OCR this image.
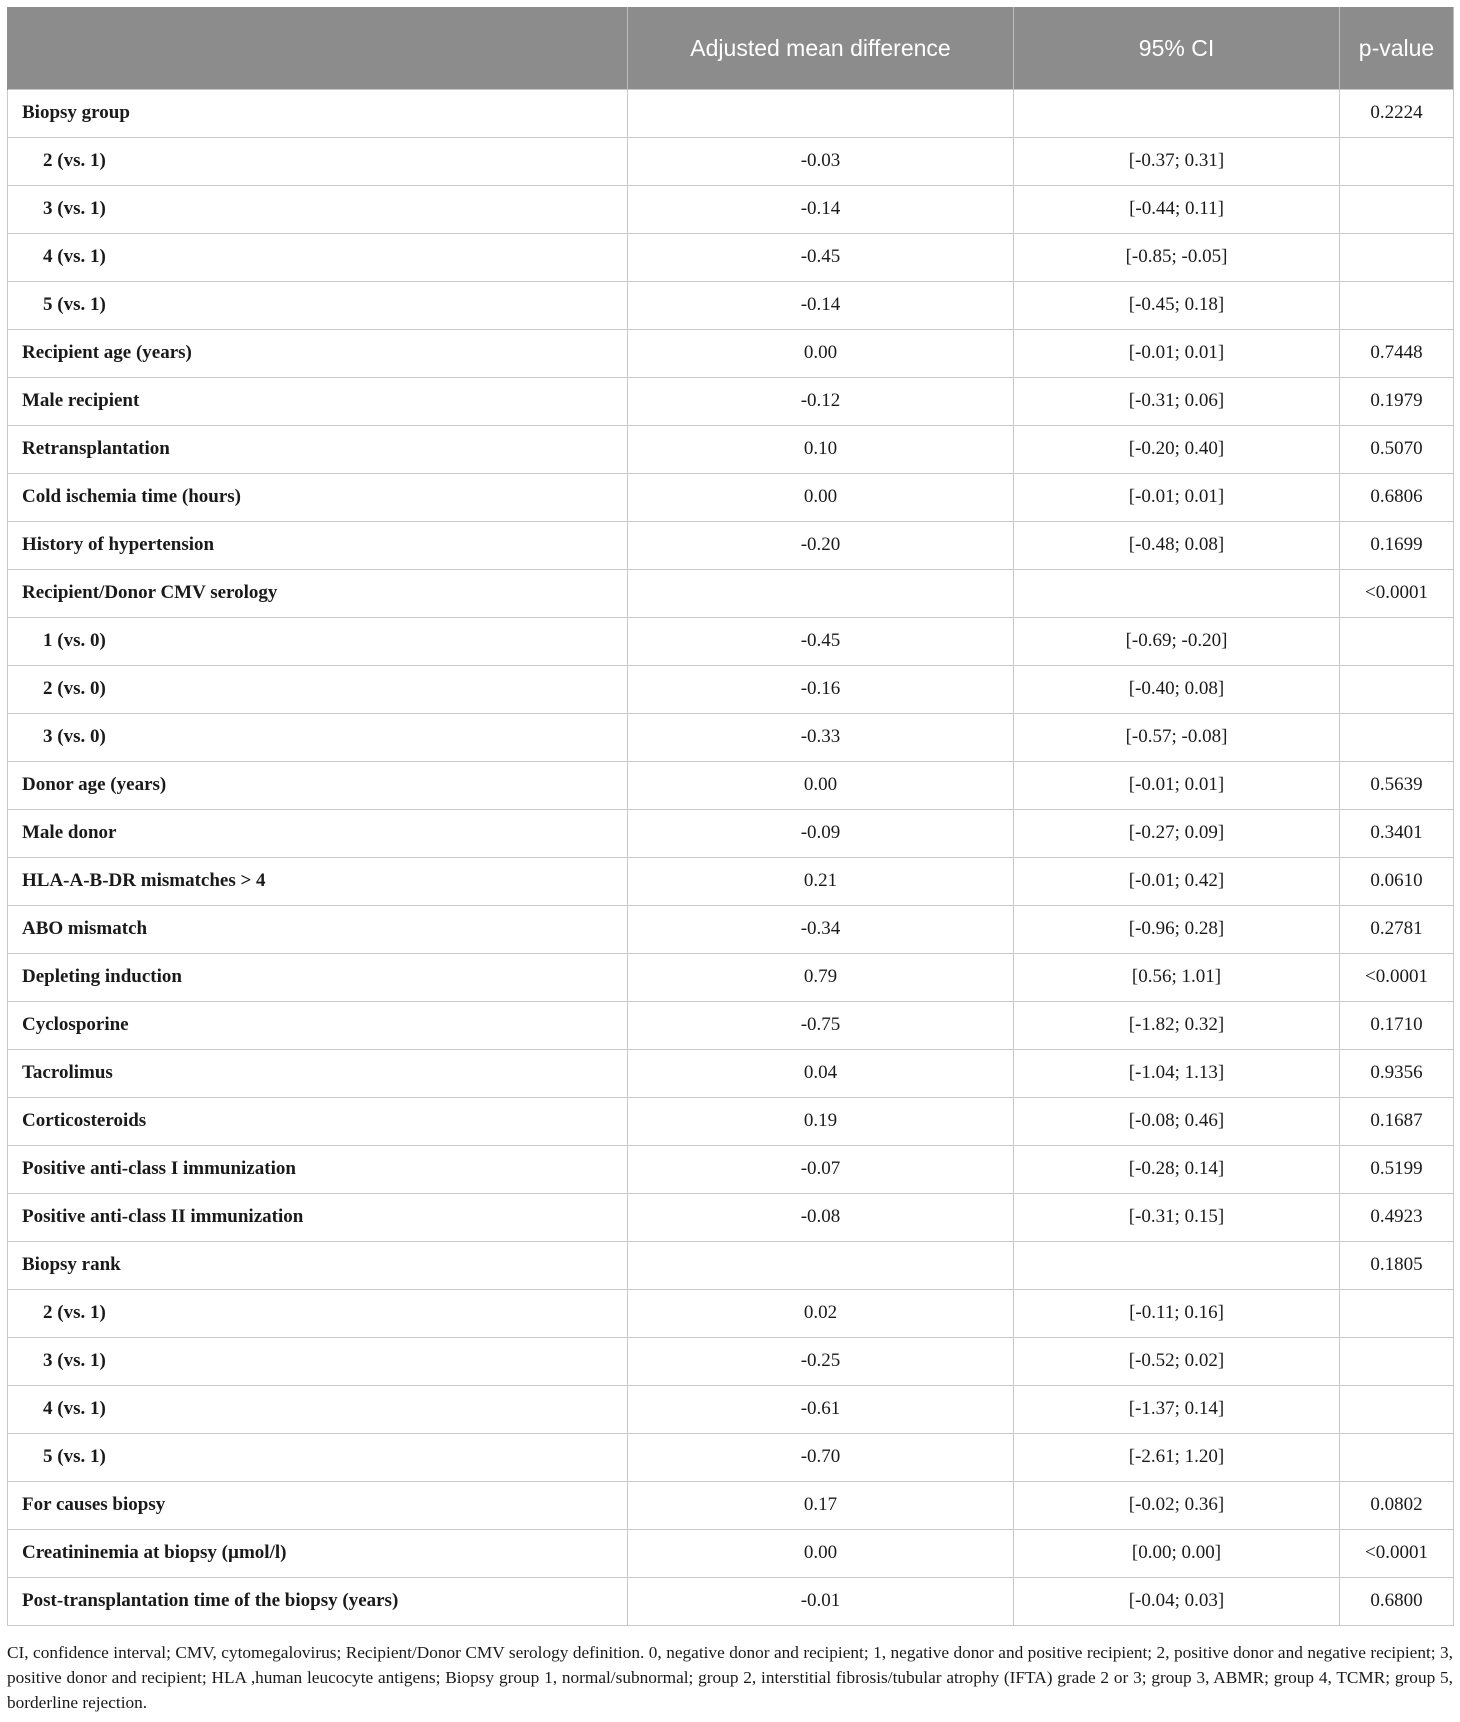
	Adjusted mean difference	95% CI	p-value
Biopsy group			0.2224
2 (vs. 1)	-0.03	[-0.37; 0.31]	
3 (vs. 1)	-0.14	[-0.44; 0.11]	
4 (vs. 1)	-0.45	[-0.85; -0.05]	
5 (vs. 1)	-0.14	[-0.45; 0.18]	
Recipient age (years)	0.00	[-0.01; 0.01]	0.7448
Male recipient	-0.12	[-0.31; 0.06]	0.1979
Retransplantation	0.10	[-0.20; 0.40]	0.5070
Cold ischemia time (hours)	0.00	[-0.01; 0.01]	0.6806
History of hypertension	-0.20	[-0.48; 0.08]	0.1699
Recipient/Donor CMV serology			<0.0001
1 (vs. 0)	-0.45	[-0.69; -0.20]	
2 (vs. 0)	-0.16	[-0.40; 0.08]	
3 (vs. 0)	-0.33	[-0.57; -0.08]	
Donor age (years)	0.00	[-0.01; 0.01]	0.5639
Male donor	-0.09	[-0.27; 0.09]	0.3401
HLA-A-B-DR mismatches > 4	0.21	[-0.01; 0.42]	0.0610
ABO mismatch	-0.34	[-0.96; 0.28]	0.2781
Depleting induction	0.79	[0.56; 1.01]	<0.0001
Cyclosporine	-0.75	[-1.82; 0.32]	0.1710
Tacrolimus	0.04	[-1.04; 1.13]	0.9356
Corticosteroids	0.19	[-0.08; 0.46]	0.1687
Positive anti-class I immunization	-0.07	[-0.28; 0.14]	0.5199
Positive anti-class II immunization	-0.08	[-0.31; 0.15]	0.4923
Biopsy rank			0.1805
2 (vs. 1)	0.02	[-0.11; 0.16]	
3 (vs. 1)	-0.25	[-0.52; 0.02]	
4 (vs. 1)	-0.61	[-1.37; 0.14]	
5 (vs. 1)	-0.70	[-2.61; 1.20]	
For causes biopsy	0.17	[-0.02; 0.36]	0.0802
Creatininemia at biopsy (µmol/l)	0.00	[0.00; 0.00]	<0.0001
Post-transplantation time of the biopsy (years)	-0.01	[-0.04; 0.03]	0.6800
CI, confidence interval; CMV, cytomegalovirus; Recipient/Donor CMV serology definition. 0, negative donor and recipient; 1, negative donor and positive recipient; 2, positive donor and negative recipient; 3, positive donor and recipient; HLA ,human leucocyte antigens; Biopsy group 1, normal/subnormal; group 2, interstitial fibrosis/tubular atrophy (IFTA) grade 2 or 3; group 3, ABMR; group 4, TCMR; group 5, borderline rejection.
